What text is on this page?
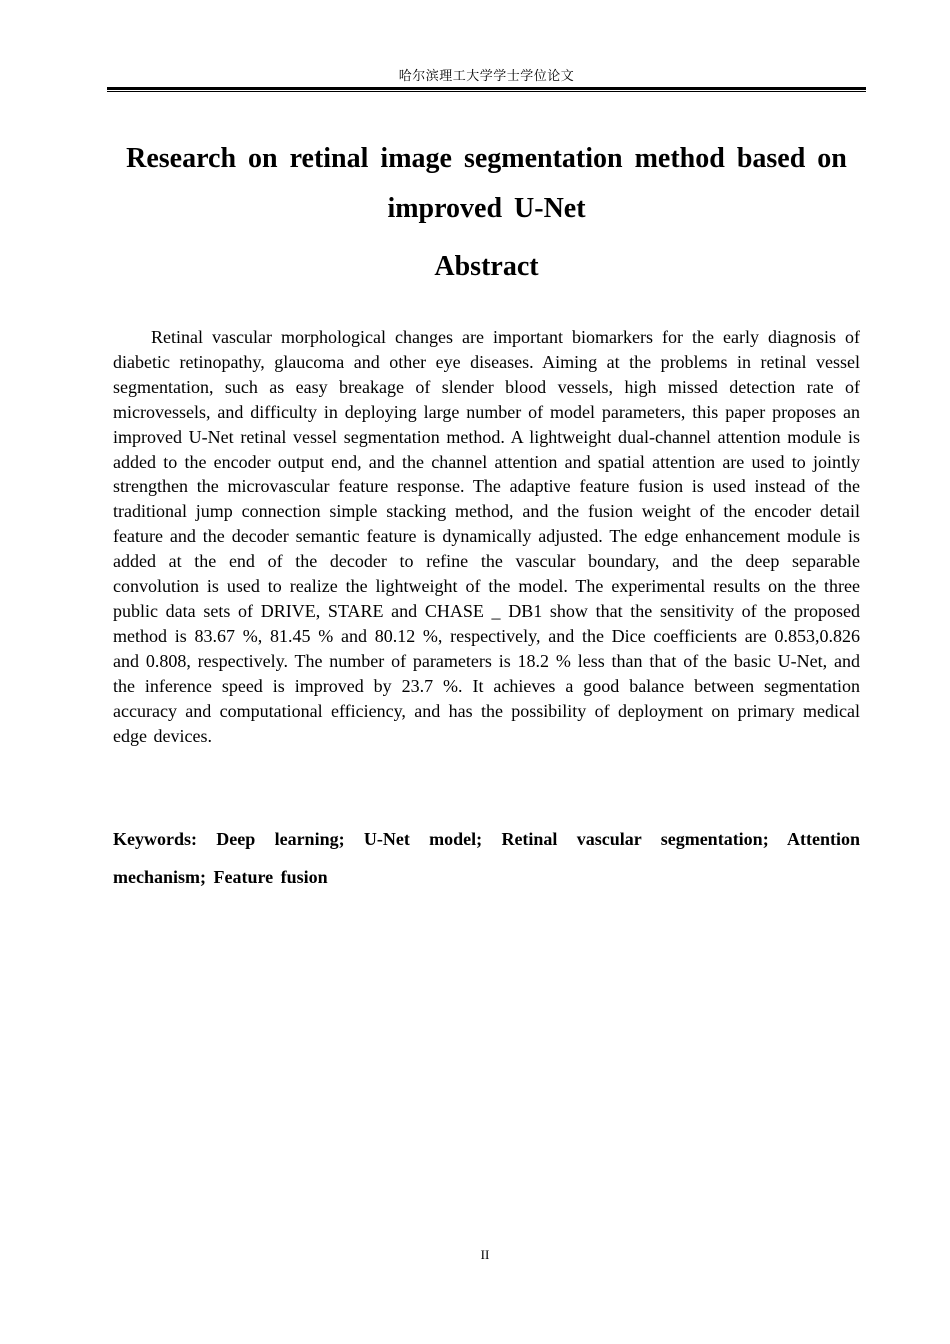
哈尔滨理工大学学士学位论文
Research on retinal image segmentation method based on improved U-Net
Abstract

Retinal vascular morphological changes are important biomarkers for the early diagnosis of diabetic retinopathy, glaucoma and other eye diseases. Aiming at the problems in retinal vessel segmentation, such as easy breakage of slender blood vessels, high missed detection rate of microvessels, and difficulty in deploying large number of model parameters, this paper proposes an improved U-Net retinal vessel segmentation method. A lightweight dual-channel attention module is added to the encoder output end, and the channel attention and spatial attention are used to jointly strengthen the microvascular feature response. The adaptive feature fusion is used instead of the traditional jump connection simple stacking method, and the fusion weight of the encoder detail feature and the decoder semantic feature is dynamically adjusted. The edge enhancement module is added at the end of the decoder to refine the vascular boundary, and the deep separable convolution is used to realize the lightweight of the model. The experimental results on the three public data sets of DRIVE, STARE and CHASE _ DB1 show that the sensitivity of the proposed method is 83.67 %, 81.45 % and 80.12 %, respectively, and the Dice coefficients are 0.853,0.826 and 0.808, respectively. The number of parameters is 18.2 % less than that of the basic U-Net, and the inference speed is improved by 23.7 %. It achieves a good balance between segmentation accuracy and computational efficiency, and has the possibility of deployment on primary medical edge devices.

Keywords: Deep learning; U-Net model; Retinal vascular segmentation; Attention mechanism; Feature fusion

II
